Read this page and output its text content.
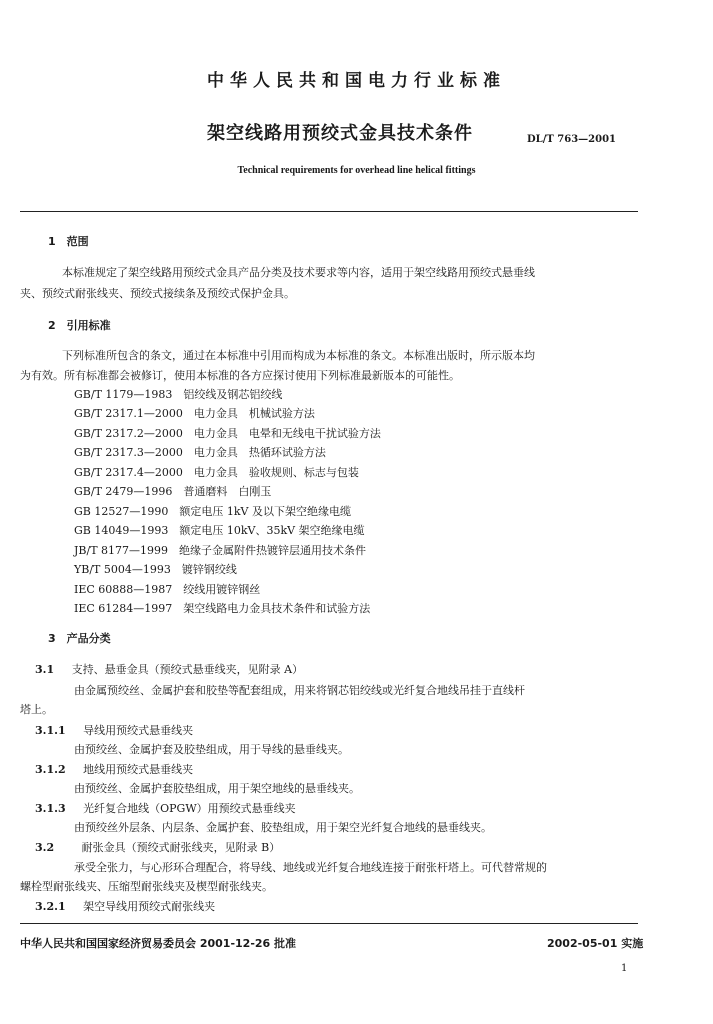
中华人民共和国电力行业标准
架空线路用预绞式金具技术条件	DL/T 763—2001
Technical requirements for overhead line helical fittings
1　范围
本标准规定了架空线路用预绞式金具产品分类及技术要求等内容，适用于架空线路用预绞式悬垂线
夹、预绞式耐张线夹、预绞式接续条及预绞式保护金具。
2　引用标准
下列标准所包含的条文，通过在本标准中引用而构成为本标准的条文。本标准出版时，所示版本均
为有效。所有标准都会被修订，使用本标准的各方应探讨使用下列标准最新版本的可能性。
GB/T 1179—1983　铝绞线及钢芯铝绞线
GB/T 2317.1—2000　电力金具　机械试验方法
GB/T 2317.2—2000　电力金具　电晕和无线电干扰试验方法
GB/T 2317.3—2000　电力金具　热循环试验方法
GB/T 2317.4—2000　电力金具　验收规则、标志与包装
GB/T 2479—1996　普通磨料　白刚玉
GB 12527—1990　额定电压 1kV 及以下架空绝缘电缆
GB 14049—1993　额定电压 10kV、35kV 架空绝缘电缆
JB/T 8177—1999　绝缘子金属附件热镀锌层通用技术条件
YB/T 5004—1993　镀锌钢绞线
IEC 60888—1987　绞线用镀锌钢丝
IEC 61284—1997　架空线路电力金具技术条件和试验方法
3　产品分类
3.1 支持、悬垂金具（预绞式悬垂线夹，见附录 A）
由金属预绞丝、金属护套和胶垫等配套组成，用来将钢芯铝绞线或光纤复合地线吊挂于直线杆
塔上。
3.1.1 导线用预绞式悬垂线夹
由预绞丝、金属护套及胶垫组成，用于导线的悬垂线夹。
3.1.2 地线用预绞式悬垂线夹
由预绞丝、金属护套胶垫组成，用于架空地线的悬垂线夹。
3.1.3 光纤复合地线（OPGW）用预绞式悬垂线夹
由预绞丝外层条、内层条、金属护套、胶垫组成，用于架空光纤复合地线的悬垂线夹。
3.2	耐张金具（预绞式耐张线夹，见附录 B）
承受全张力，与心形环合理配合，将导线、地线或光纤复合地线连接于耐张杆塔上。可代替常规的
螺栓型耐张线夹、压缩型耐张线夹及楔型耐张线夹。
3.2.1 架空导线用预绞式耐张线夹
中华人民共和国国家经济贸易委员会 2001-12-26 批准	2002-05-01 实施
1
